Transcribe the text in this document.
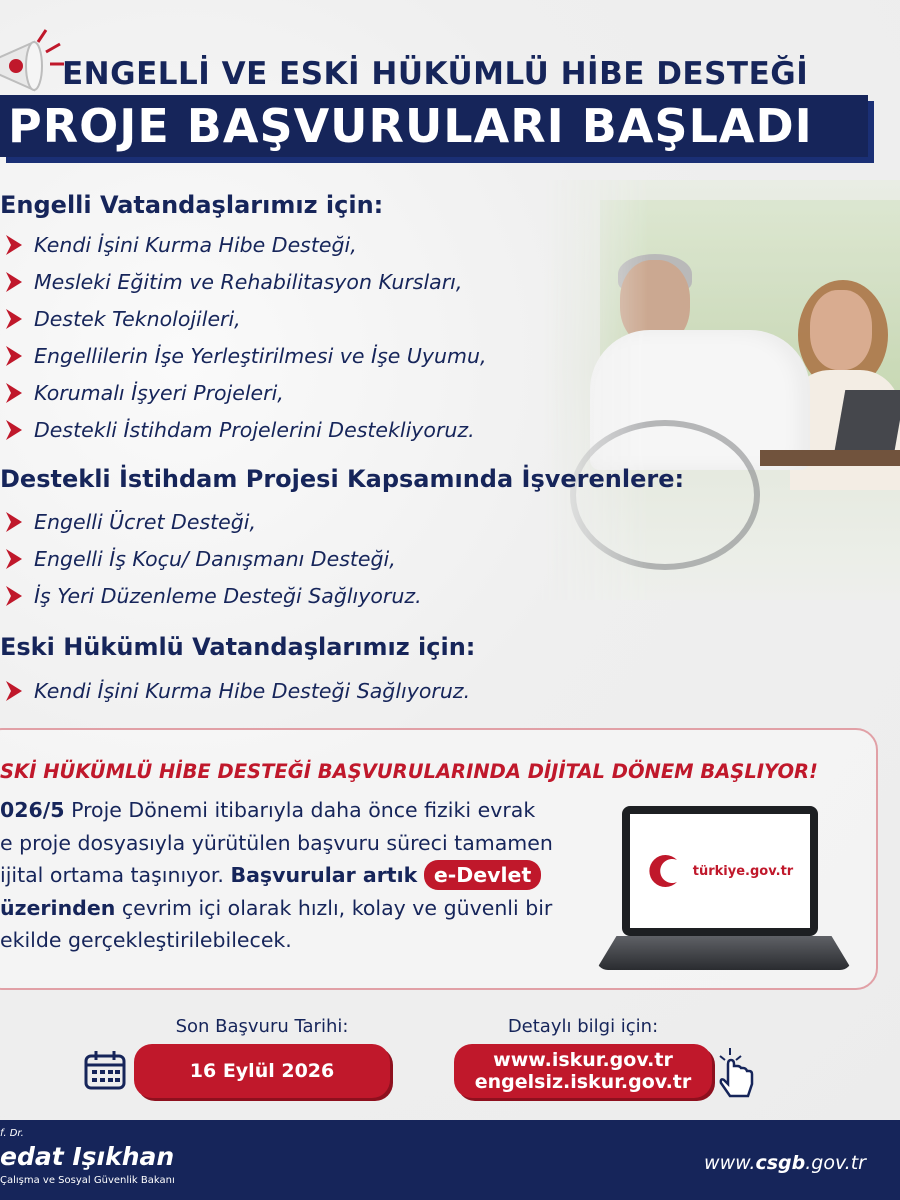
ENGELLİ VE ESKİ HÜKÜMLÜ HİBE DESTEĞİ
PROJE BAŞVURULARI BAŞLADI
Engelli Vatandaşlarımız için:
Kendi İşini Kurma Hibe Desteği,
Mesleki Eğitim ve Rehabilitasyon Kursları,
Destek Teknolojileri,
Engellilerin İşe Yerleştirilmesi ve İşe Uyumu,
Korumalı İşyeri Projeleri,
Destekli İstihdam Projelerini Destekliyoruz.
Destekli İstihdam Projesi Kapsamında İşverenlere:
Engelli Ücret Desteği,
Engelli İş Koçu/ Danışmanı Desteği,
İş Yeri Düzenleme Desteği Sağlıyoruz.
Eski Hükümlü Vatandaşlarımız için:
Kendi İşini Kurma Hibe Desteği Sağlıyoruz.
SKİ HÜKÜMLÜ HİBE DESTEĞİ BAŞVURULARINDA DİJİTAL DÖNEM BAŞLIYOR!
026/5 Proje Dönemi itibarıyla daha önce fiziki evrak
e proje dosyasıyla yürütülen başvuru süreci tamamen
ijital ortama taşınıyor. Başvurular artık e-Devlet
üzerinden çevrim içi olarak hızlı, kolay ve güvenli bir
ekilde gerçekleştirilebilecek.
türkiye.gov.tr
Son Başvuru Tarihi:
16 Eylül 2026
Detaylı bilgi için:
www.iskur.gov.tr
engelsiz.iskur.gov.tr
f. Dr.
edat Işıkhan
Çalışma ve Sosyal Güvenlik Bakanı
www.csgb.gov.tr
